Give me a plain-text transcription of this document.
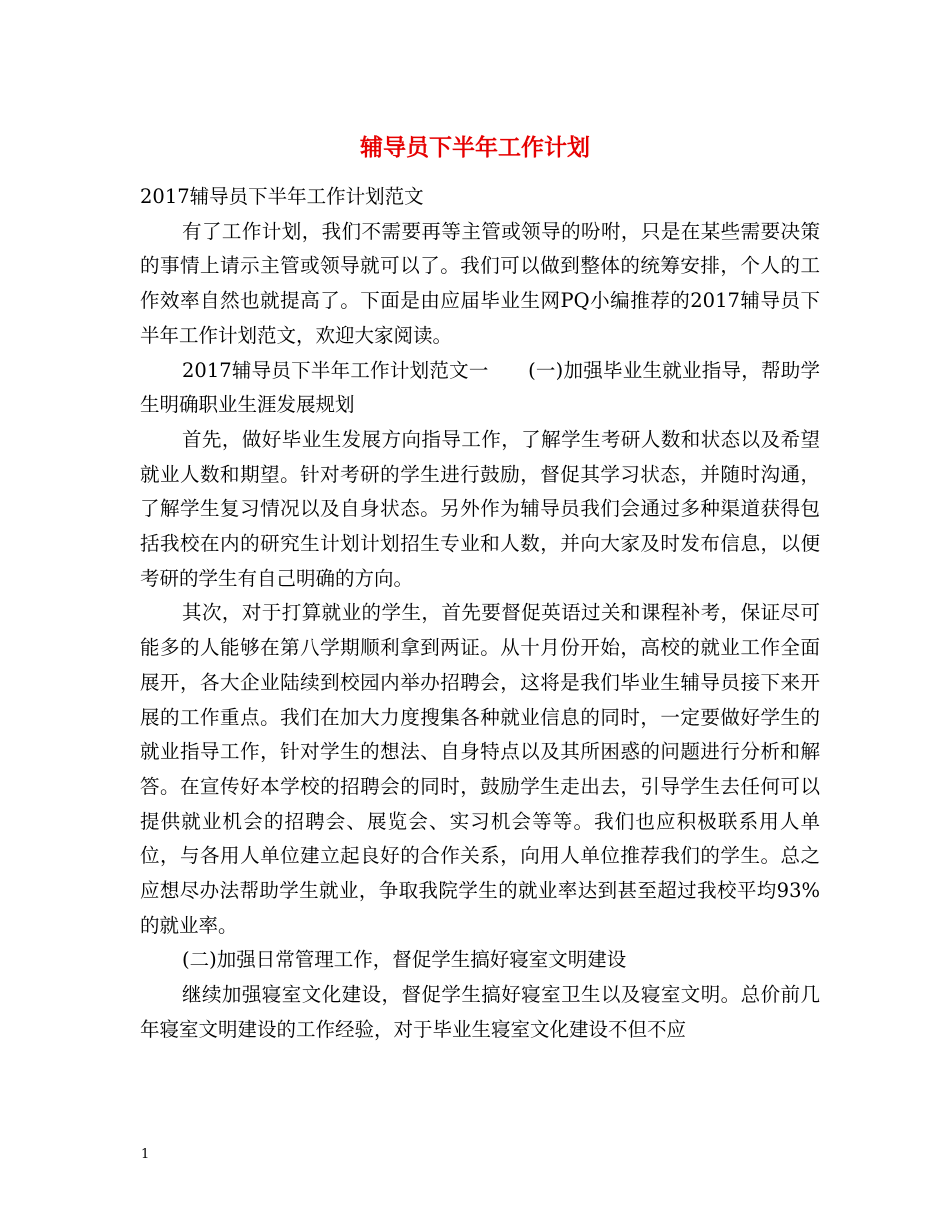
辅导员下半年工作计划

2017辅导员下半年工作计划范文

有了工作计划，我们不需要再等主管或领导的吩咐，只是在某些需要决策的事情上请示主管或领导就可以了。我们可以做到整体的统筹安排，个人的工作效率自然也就提高了。下面是由应届毕业生网PQ小编推荐的2017辅导员下半年工作计划范文，欢迎大家阅读。

2017辅导员下半年工作计划范文一　　(一)加强毕业生就业指导，帮助学生明确职业生涯发展规划

首先，做好毕业生发展方向指导工作，了解学生考研人数和状态以及希望就业人数和期望。针对考研的学生进行鼓励，督促其学习状态，并随时沟通，了解学生复习情况以及自身状态。另外作为辅导员我们会通过多种渠道获得包括我校在内的研究生计划计划招生专业和人数，并向大家及时发布信息，以便考研的学生有自己明确的方向。

其次，对于打算就业的学生，首先要督促英语过关和课程补考，保证尽可能多的人能够在第八学期顺利拿到两证。从十月份开始，高校的就业工作全面展开，各大企业陆续到校园内举办招聘会，这将是我们毕业生辅导员接下来开展的工作重点。我们在加大力度搜集各种就业信息的同时，一定要做好学生的就业指导工作，针对学生的想法、自身特点以及其所困惑的问题进行分析和解答。在宣传好本学校的招聘会的同时，鼓励学生走出去，引导学生去任何可以提供就业机会的招聘会、展览会、实习机会等等。我们也应积极联系用人单位，与各用人单位建立起良好的合作关系，向用人单位推荐我们的学生。总之应想尽办法帮助学生就业，争取我院学生的就业率达到甚至超过我校平均93%的就业率。

(二)加强日常管理工作，督促学生搞好寝室文明建设

继续加强寝室文化建设，督促学生搞好寝室卫生以及寝室文明。总价前几年寝室文明建设的工作经验，对于毕业生寝室文化建设不但不应

1
